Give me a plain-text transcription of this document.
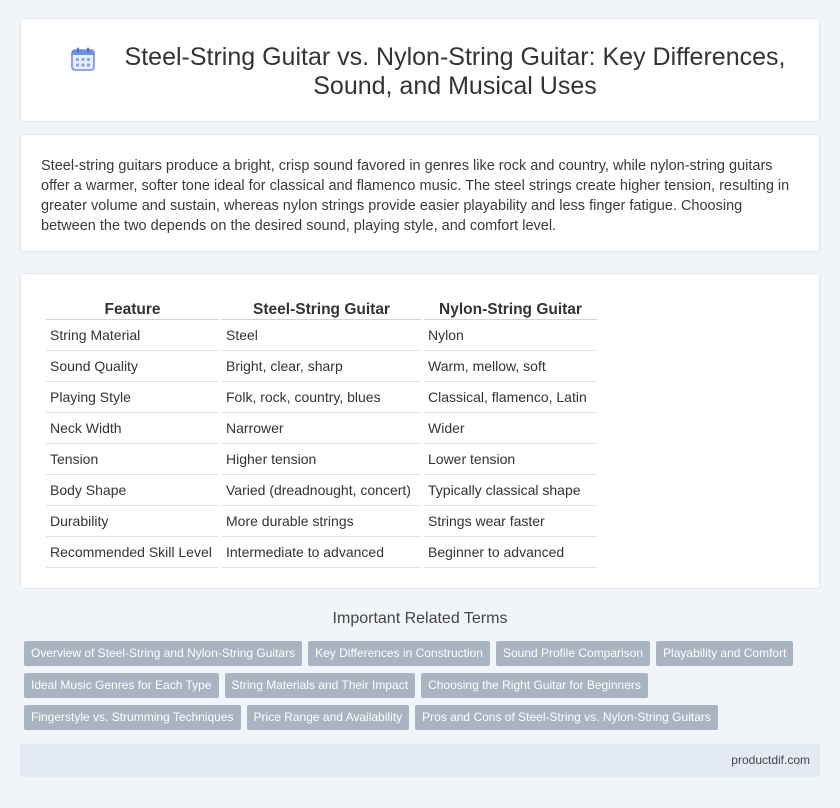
Steel-String Guitar vs. Nylon-String Guitar: Key Differences, Sound, and Musical Uses

Steel-string guitars produce a bright, crisp sound favored in genres like rock and country, while nylon-string guitars offer a warmer, softer tone ideal for classical and flamenco music. The steel strings create higher tension, resulting in greater volume and sustain, whereas nylon strings provide easier playability and less finger fatigue. Choosing between the two depends on the desired sound, playing style, and comfort level.

Feature	Steel-String Guitar	Nylon-String Guitar
String Material	Steel	Nylon
Sound Quality	Bright, clear, sharp	Warm, mellow, soft
Playing Style	Folk, rock, country, blues	Classical, flamenco, Latin
Neck Width	Narrower	Wider
Tension	Higher tension	Lower tension
Body Shape	Varied (dreadnought, concert)	Typically classical shape
Durability	More durable strings	Strings wear faster
Recommended Skill Level	Intermediate to advanced	Beginner to advanced
Important Related Terms
Overview of Steel-String and Nylon-String Guitars Key Differences in Construction Sound Profile Comparison Playability and Comfort
Ideal Music Genres for Each Type String Materials and Their Impact Choosing the Right Guitar for Beginners
Fingerstyle vs. Strumming Techniques Price Range and Availability Pros and Cons of Steel-String vs. Nylon-String Guitars
productdif.com
